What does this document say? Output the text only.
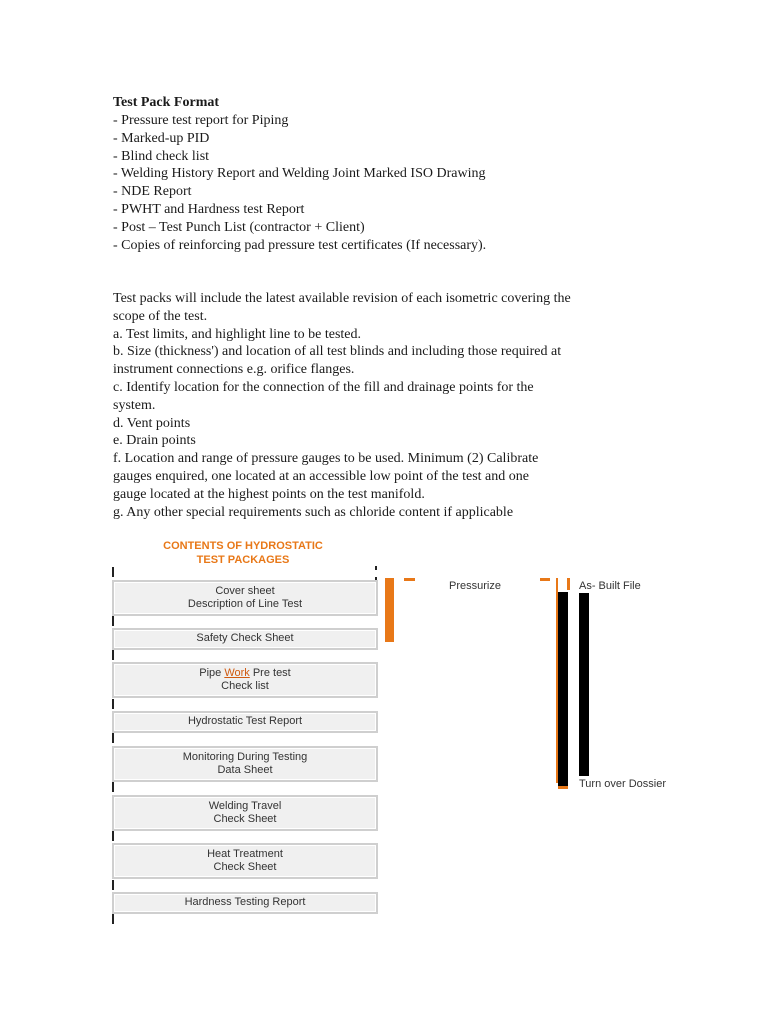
Test Pack Format
- Pressure test report for Piping
- Marked-up PID
- Blind check list
- Welding History Report and Welding Joint Marked ISO Drawing
- NDE Report
- PWHT and Hardness test Report
- Post – Test Punch List (contractor + Client)
- Copies of reinforcing pad pressure test certificates (If necessary).
Test packs will include the latest available revision of each isometric covering the
scope of the test.
a. Test limits, and highlight line to be tested.
b. Size (thickness') and location of all test blinds and including those required at
instrument connections e.g. orifice flanges.
c. Identify location for the connection of the fill and drainage points for the
system.
d. Vent points
e. Drain points
f. Location and range of pressure gauges to be used. Minimum (2) Calibrate
gauges enquired, one located at an accessible low point of the test and one
gauge located at the highest points on the test manifold.
g. Any other special requirements such as chloride content if applicable
CONTENTS OF HYDROSTATIC
TEST PACKAGES
Cover sheet
Description of Line Test
Safety Check Sheet
Pipe Work Pre test
Check list
Hydrostatic Test Report
Monitoring During Testing
Data Sheet
Welding Travel
Check Sheet
Heat Treatment
Check Sheet
Hardness Testing Report
Pressurize	As- Built File
Turn over Dossier
